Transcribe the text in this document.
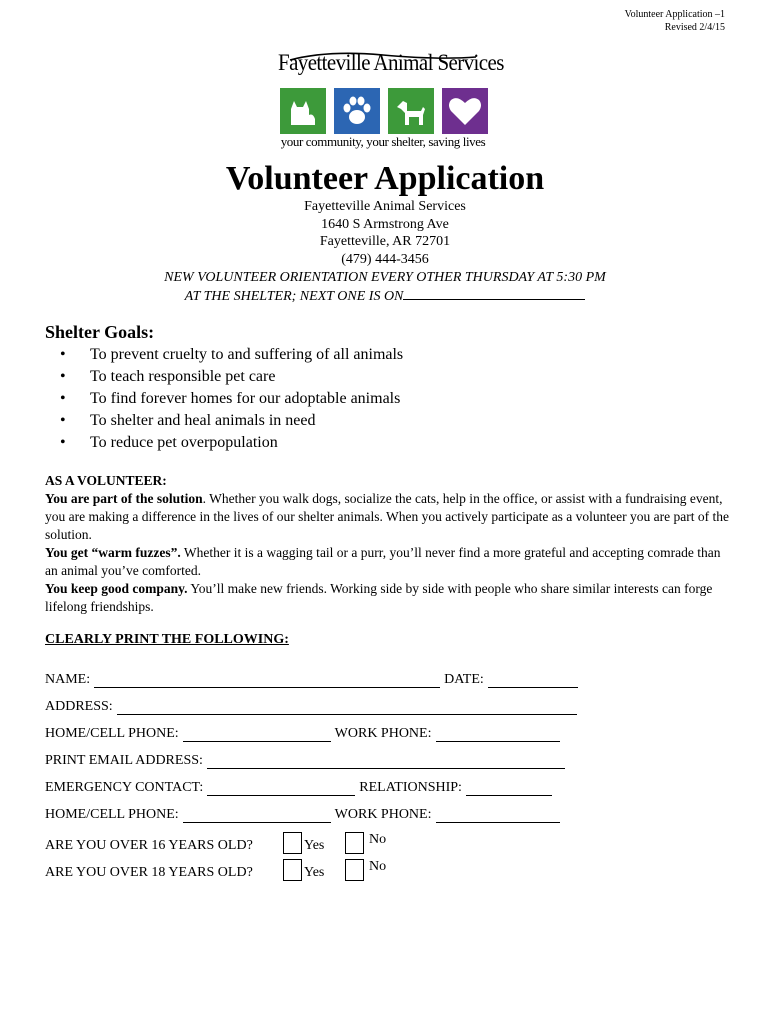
Volunteer Application –1
Revised 2/4/15
Fayetteville Animal Services
your community, your shelter, saving lives
Volunteer Application
Fayetteville Animal Services
1640 S Armstrong Ave
Fayetteville, AR 72701
(479) 444-3456
NEW VOLUNTEER ORIENTATION EVERY OTHER THURSDAY AT 5:30 PM
AT THE SHELTER; NEXT ONE IS ON
Shelter Goals:
• To prevent cruelty to and suffering of all animals
• To teach responsible pet care
• To find forever homes for our adoptable animals
• To shelter and heal animals in need
• To reduce pet overpopulation

AS A VOLUNTEER:

You are part of the solution. Whether you walk dogs, socialize the cats, help in the office, or assist with a fundraising event, you are making a difference in the lives of our shelter animals. When you actively participate as a volunteer you are part of the solution.

You get “warm fuzzes”. Whether it is a wagging tail or a purr, you’ll never find a more grateful and accepting comrade than an animal you’ve comforted.

You keep good company. You’ll make new friends. Working side by side with people who share similar interests can forge lifelong friendships.

CLEARLY PRINT THE FOLLOWING:
NAME:	DATE:
ADDRESS:
HOME/CELL PHONE:	WORK PHONE:
PRINT EMAIL ADDRESS:
EMERGENCY CONTACT:	RELATIONSHIP:
HOME/CELL PHONE:	WORK PHONE:
ARE YOU OVER 16 YEARS OLD?	Yes	No
ARE YOU OVER 18 YEARS OLD?	Yes	No
